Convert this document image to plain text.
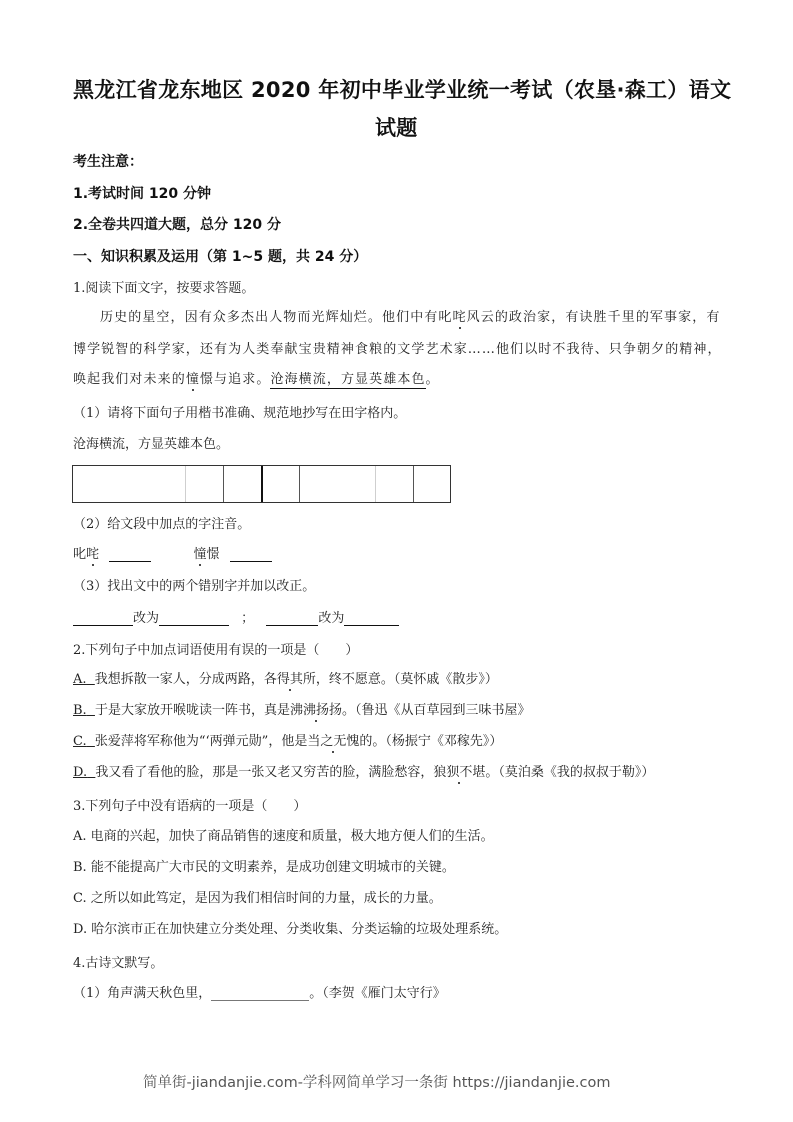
黑龙江省龙东地区 2020 年初中毕业学业统一考试（农垦·森工）语文
试题
考生注意：
1.考试时间 120 分钟
2.全卷共四道大题，总分 120 分
一、知识积累及运用（第 1~5 题，共 24 分）
1.阅读下面文字，按要求答题。
历史的星空，因有众多杰出人物而光辉灿烂。他们中有叱咤风云的政治家，有诀胜千里的军事家，有
博学锐智的科学家，还有为人类奉献宝贵精神食粮的文学艺术家……他们以时不我待、只争朝夕的精神，
唤起我们对未来的憧憬与追求。沧海横流，方显英雄本色。
（1）请将下面句子用楷书准确、规范地抄写在田字格内。
沧海横流，方显英雄本色。
（2）给文段中加点的字注音。
叱咤	憧憬
（3）找出文中的两个错别字并加以改正。
改为	；	改为
2.下列句子中加点词语使用有误的一项是（　　）
A. 我想拆散一家人，分成两路，各得其所，终不愿意。（莫怀戚《散步》）
B. 于是大家放开喉咙读一阵书，真是沸沸扬扬。（鲁迅《从百草园到三味书屋》
C. 张爱萍将军称他为“‘两弹元勋”，他是当之无愧的。（杨振宁《邓稼先》）
D. 我又看了看他的脸，那是一张又老又穷苦的脸，满脸愁容，狼狈不堪。（莫泊桑《我的叔叔于勒》）
3.下列句子中没有语病的一项是（　　）
A. 电商的兴起，加快了商品销售的速度和质量，极大地方便人们的生活。
B. 能不能提高广大市民的文明素养，是成功创建文明城市的关键。
C. 之所以如此笃定，是因为我们相信时间的力量，成长的力量。
D. 哈尔滨市正在加快建立分类处理、分类收集、分类运输的垃圾处理系统。
4.古诗文默写。
（1）角声满天秋色里，	。（李贺《雁门太守行》
简单街-jiandanjie.com-学科网简单学习一条街 https://jiandanjie.com
